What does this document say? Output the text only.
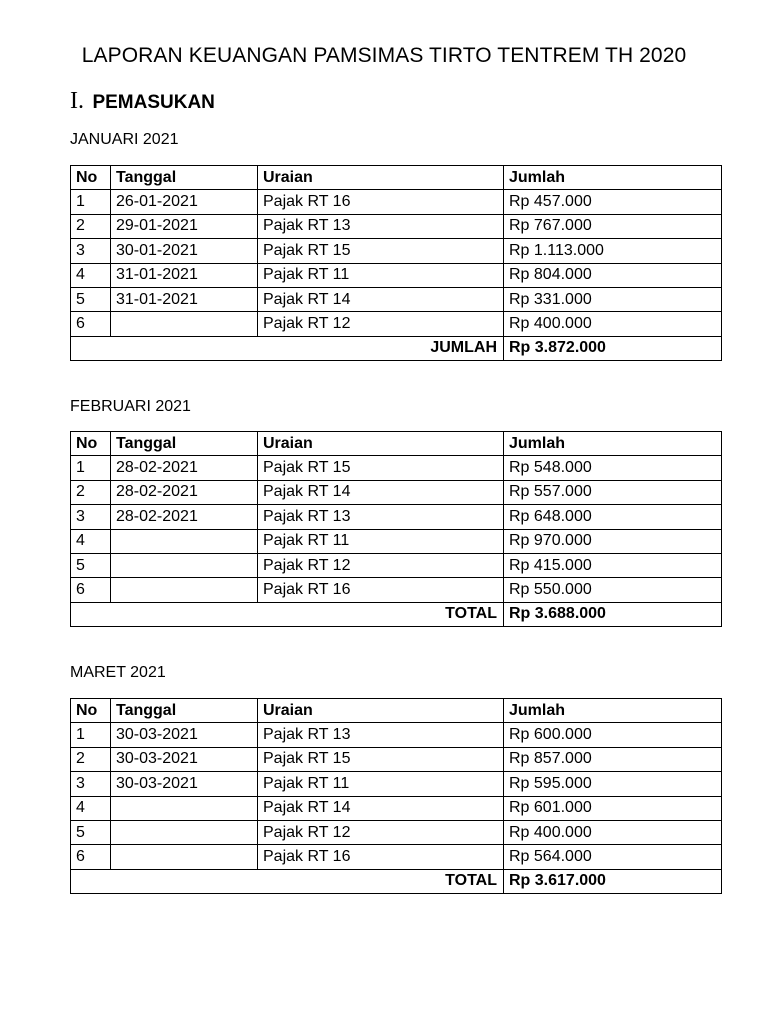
LAPORAN KEUANGAN PAMSIMAS TIRTO TENTREM TH 2020
I. PEMASUKAN
JANUARI 2021
No	Tanggal	Uraian	Jumlah
1	26-01-2021	Pajak RT 16	Rp 457.000
2	29-01-2021	Pajak RT 13	Rp 767.000
3	30-01-2021	Pajak RT 15	Rp 1.113.000
4	31-01-2021	Pajak RT 11	Rp 804.000
5	31-01-2021	Pajak RT 14	Rp 331.000
6		Pajak RT 12	Rp 400.000
JUMLAH			Rp 3.872.000
FEBRUARI 2021
No	Tanggal	Uraian	Jumlah
1	28-02-2021	Pajak RT 15	Rp 548.000
2	28-02-2021	Pajak RT 14	Rp 557.000
3	28-02-2021	Pajak RT 13	Rp 648.000
4		Pajak RT 11	Rp 970.000
5		Pajak RT 12	Rp 415.000
6		Pajak RT 16	Rp 550.000
TOTAL			Rp 3.688.000
MARET 2021
No	Tanggal	Uraian	Jumlah
1	30-03-2021	Pajak RT 13	Rp 600.000
2	30-03-2021	Pajak RT 15	Rp 857.000
3	30-03-2021	Pajak RT 11	Rp 595.000
4		Pajak RT 14	Rp 601.000
5		Pajak RT 12	Rp 400.000
6		Pajak RT 16	Rp 564.000
TOTAL			Rp 3.617.000
